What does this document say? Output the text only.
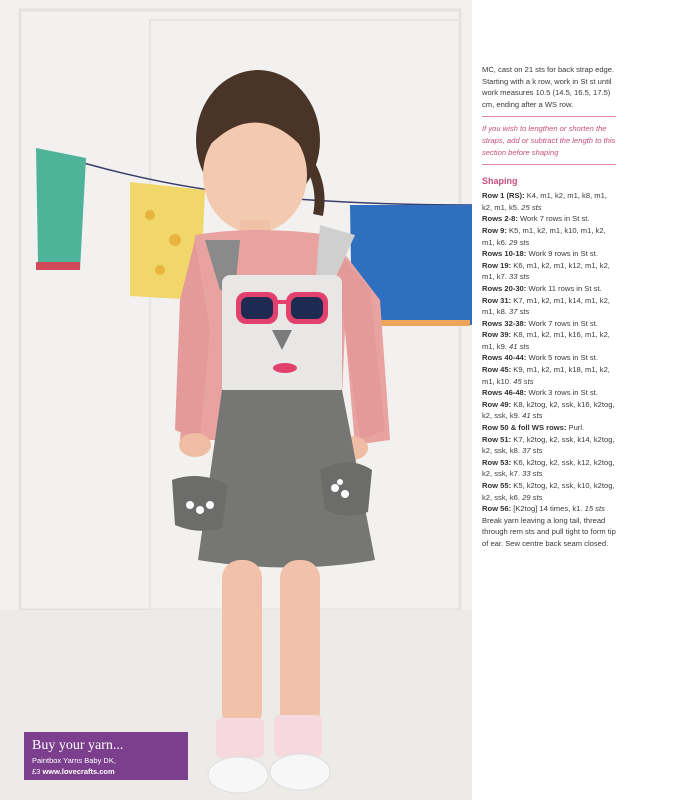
Buy your yarn...
Paintbox Yarns Baby DK,
£3 www.lovecrafts.com

MC, cast on 21 sts for back strap edge.

Starting with a k row, work in St st until work measures 10.5 (14.5, 16.5, 17.5) cm, ending after a WS row.

If you wish to lengthen or shorten the straps, add or subtract the length to this section before shaping

Shaping

Row 1 (RS): K4, m1, k2, m1, k8, m1, k2, m1, k5. 25 sts

Rows 2-8: Work 7 rows in St st.

Row 9: K5, m1, k2, m1, k10, m1, k2, m1, k6. 29 sts

Rows 10-18: Work 9 rows in St st.

Row 19: K6, m1, k2, m1, k12, m1, k2, m1, k7. 33 sts

Rows 20-30: Work 11 rows in St st.

Row 31: K7, m1, k2, m1, k14, m1, k2, m1, k8. 37 sts

Rows 32-38: Work 7 rows in St st.

Row 39: K8, m1, k2, m1, k16, m1, k2, m1, k9. 41 sts

Rows 40-44: Work 5 rows in St st.

Row 45: K9, m1, k2, m1, k18, m1, k2, m1, k10. 45 sts

Rows 46-48: Work 3 rows in St st.

Row 49: K8, k2tog, k2, ssk, k16, k2tog, k2, ssk, k9. 41 sts

Row 50 & foll WS rows: Purl.

Row 51: K7, k2tog, k2, ssk, k14, k2tog, k2, ssk, k8. 37 sts

Row 53: K6, k2tog, k2, ssk, k12, k2tog, k2, ssk, k7. 33 sts

Row 55: K5, k2tog, k2, ssk, k10, k2tog, k2, ssk, k6. 29 sts

Row 56: [K2tog] 14 times, k1. 15 sts

Break yarn leaving a long tail, thread through rem sts and pull tight to form tip of ear. Sew centre back seam closed.
